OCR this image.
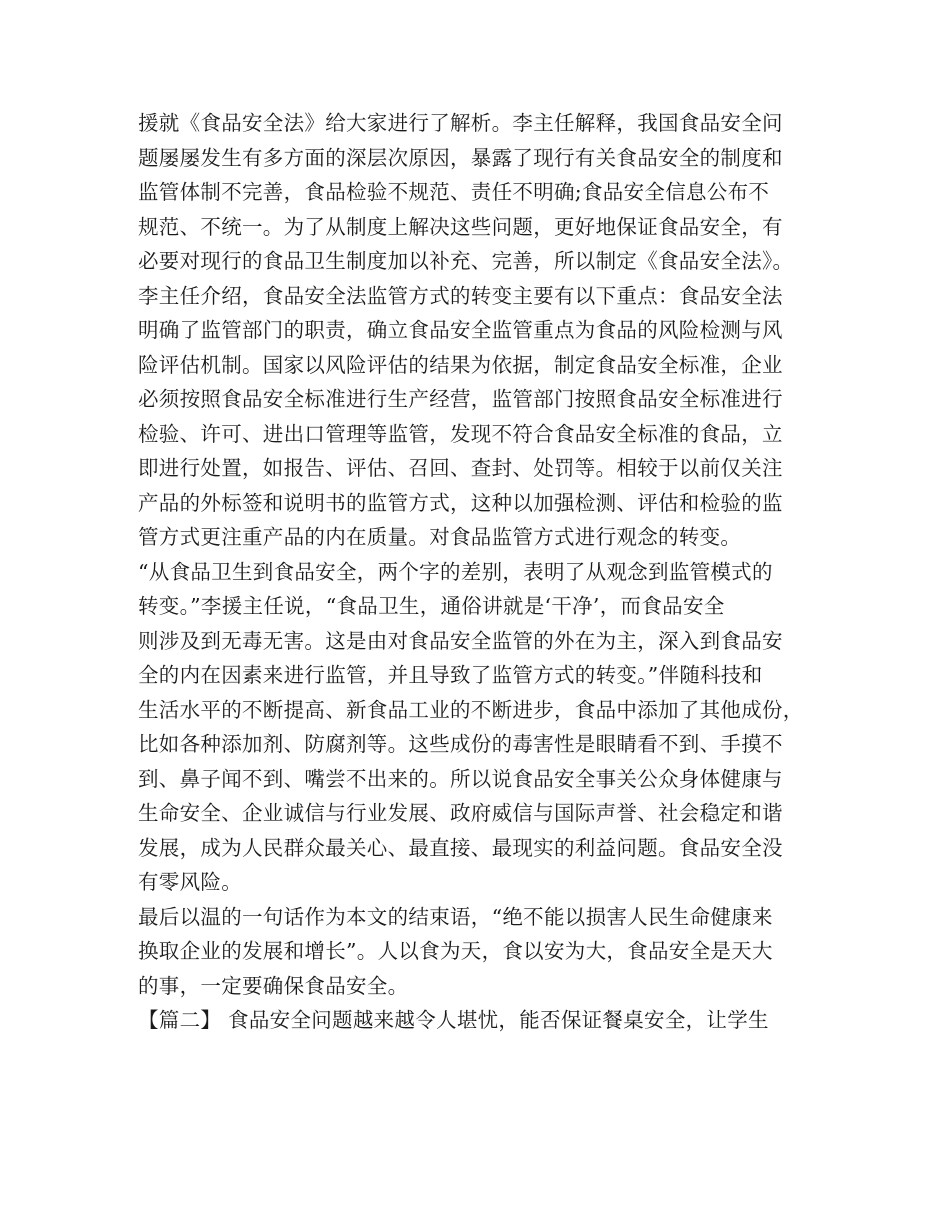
援就《食品安全法》给大家进行了解析。李主任解释，我国食品安全问
题屡屡发生有多方面的深层次原因，暴露了现行有关食品安全的制度和
监管体制不完善，食品检验不规范、责任不明确;食品安全信息公布不
规范、不统一。为了从制度上解决这些问题，更好地保证食品安全，有
必要对现行的食品卫生制度加以补充、完善，所以制定《食品安全法》。
李主任介绍，食品安全法监管方式的转变主要有以下重点：食品安全法
明确了监管部门的职责，确立食品安全监管重点为食品的风险检测与风
险评估机制。国家以风险评估的结果为依据，制定食品安全标准，企业
必须按照食品安全标准进行生产经营，监管部门按照食品安全标准进行
检验、许可、进出口管理等监管，发现不符合食品安全标准的食品，立
即进行处置，如报告、评估、召回、查封、处罚等。相较于以前仅关注
产品的外标签和说明书的监管方式，这种以加强检测、评估和检验的监
管方式更注重产品的内在质量。对食品监管方式进行观念的转变。
“从食品卫生到食品安全，两个字的差别，表明了从观念到监管模式的
转变。”李援主任说，“食品卫生，通俗讲就是‘干净’，而食品安全
则涉及到无毒无害。这是由对食品安全监管的外在为主，深入到食品安
全的内在因素来进行监管，并且导致了监管方式的转变。”伴随科技和
生活水平的不断提高、新食品工业的不断进步，食品中添加了其他成份，
比如各种添加剂、防腐剂等。这些成份的毒害性是眼睛看不到、手摸不
到、鼻子闻不到、嘴尝不出来的。所以说食品安全事关公众身体健康与
生命安全、企业诚信与行业发展、政府威信与国际声誉、社会稳定和谐
发展，成为人民群众最关心、最直接、最现实的利益问题。食品安全没
有零风险。
最后以温的一句话作为本文的结束语，“绝不能以损害人民生命健康来
换取企业的发展和增长”。人以食为天，食以安为大，食品安全是天大
的事，一定要确保食品安全。
【篇二】 食品安全问题越来越令人堪忧，能否保证餐桌安全，让学生
